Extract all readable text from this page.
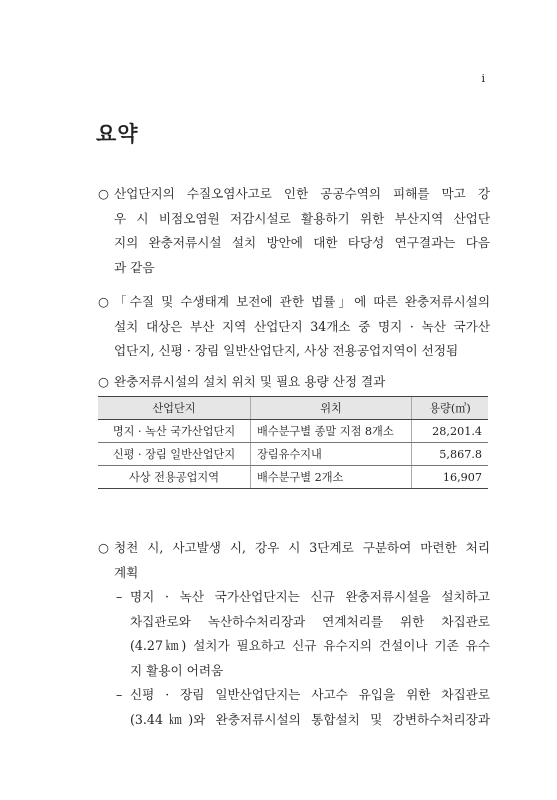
i
요약
○ 산업단지의 수질오염사고로 인한 공공수역의 피해를 막고 강
우 시 비점오염원 저감시설로 활용하기 위한 부산지역 산업단
지의 완충저류시설 설치 방안에 대한 타당성 연구결과는 다음
과 같음
○ 「수질 및 수생태계 보전에 관한 법률」에 따른 완충저류시설의
설치 대상은 부산 지역 산업단지 34개소 중 명지 · 녹산 국가산
업단지, 신평 · 장림 일반산업단지, 사상 전용공업지역이 선정됨
○ 완충저류시설의 설치 위치 및 필요 용량 산정 결과
산업단지	위치	용량(㎥)
명지 · 녹산 국가산업단지	배수분구별 종말 지점 8개소	28,201.4
신평 · 장림 일반산업단지	장림유수지내	5,867.8
사상 전용공업지역	배수분구별 2개소	16,907
○ 청천 시, 사고발생 시, 강우 시 3단계로 구분하여 마련한 처리
계획
– 명지 · 녹산 국가산업단지는 신규 완충저류시설을 설치하고
차집관로와 녹산하수처리장과 연계처리를 위한 차집관로
(4.27㎞) 설치가 필요하고 신규 유수지의 건설이나 기존 유수
지 활용이 어려움
– 신평 · 장림 일반산업단지는 사고수 유입을 위한 차집관로
(3.44㎞)와 완충저류시설의 통합설치 및 강변하수처리장과
